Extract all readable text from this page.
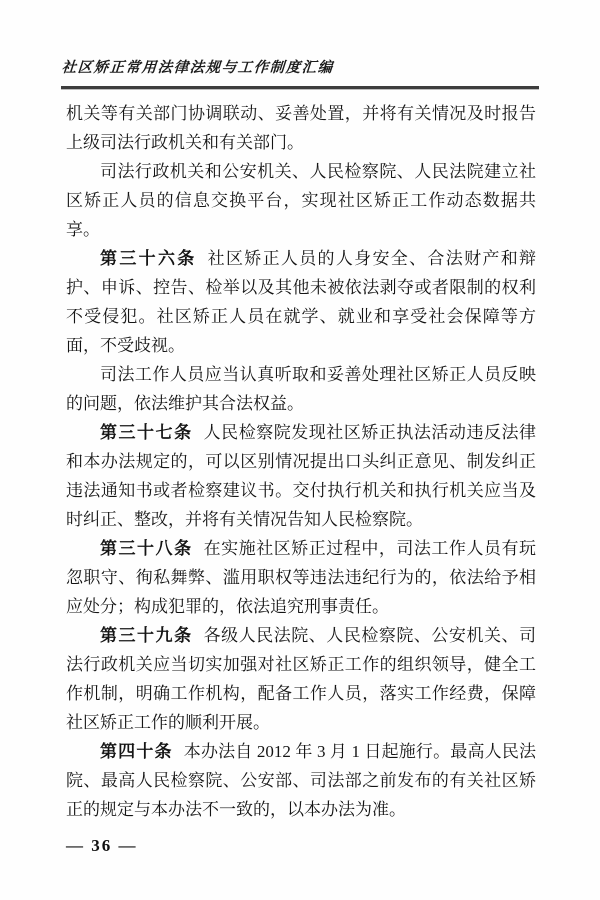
社区矫正常用法律法规与工作制度汇编

机关等有关部门协调联动、妥善处置，并将有关情况及时报告上级司法行政机关和有关部门。

司法行政机关和公安机关、人民检察院、人民法院建立社区矫正人员的信息交换平台，实现社区矫正工作动态数据共享。

第三十六条 社区矫正人员的人身安全、合法财产和辩护、申诉、控告、检举以及其他未被依法剥夺或者限制的权利不受侵犯。社区矫正人员在就学、就业和享受社会保障等方面，不受歧视。

司法工作人员应当认真听取和妥善处理社区矫正人员反映的问题，依法维护其合法权益。

第三十七条 人民检察院发现社区矫正执法活动违反法律和本办法规定的，可以区别情况提出口头纠正意见、制发纠正违法通知书或者检察建议书。交付执行机关和执行机关应当及时纠正、整改，并将有关情况告知人民检察院。

第三十八条 在实施社区矫正过程中，司法工作人员有玩忽职守、徇私舞弊、滥用职权等违法违纪行为的，依法给予相应处分；构成犯罪的，依法追究刑事责任。

第三十九条 各级人民法院、人民检察院、公安机关、司法行政机关应当切实加强对社区矫正工作的组织领导，健全工作机制，明确工作机构，配备工作人员，落实工作经费，保障社区矫正工作的顺利开展。

第四十条 本办法自 2012 年 3 月 1 日起施行。最高人民法院、最高人民检察院、公安部、司法部之前发布的有关社区矫正的规定与本办法不一致的，以本办法为准。

— 36 —
